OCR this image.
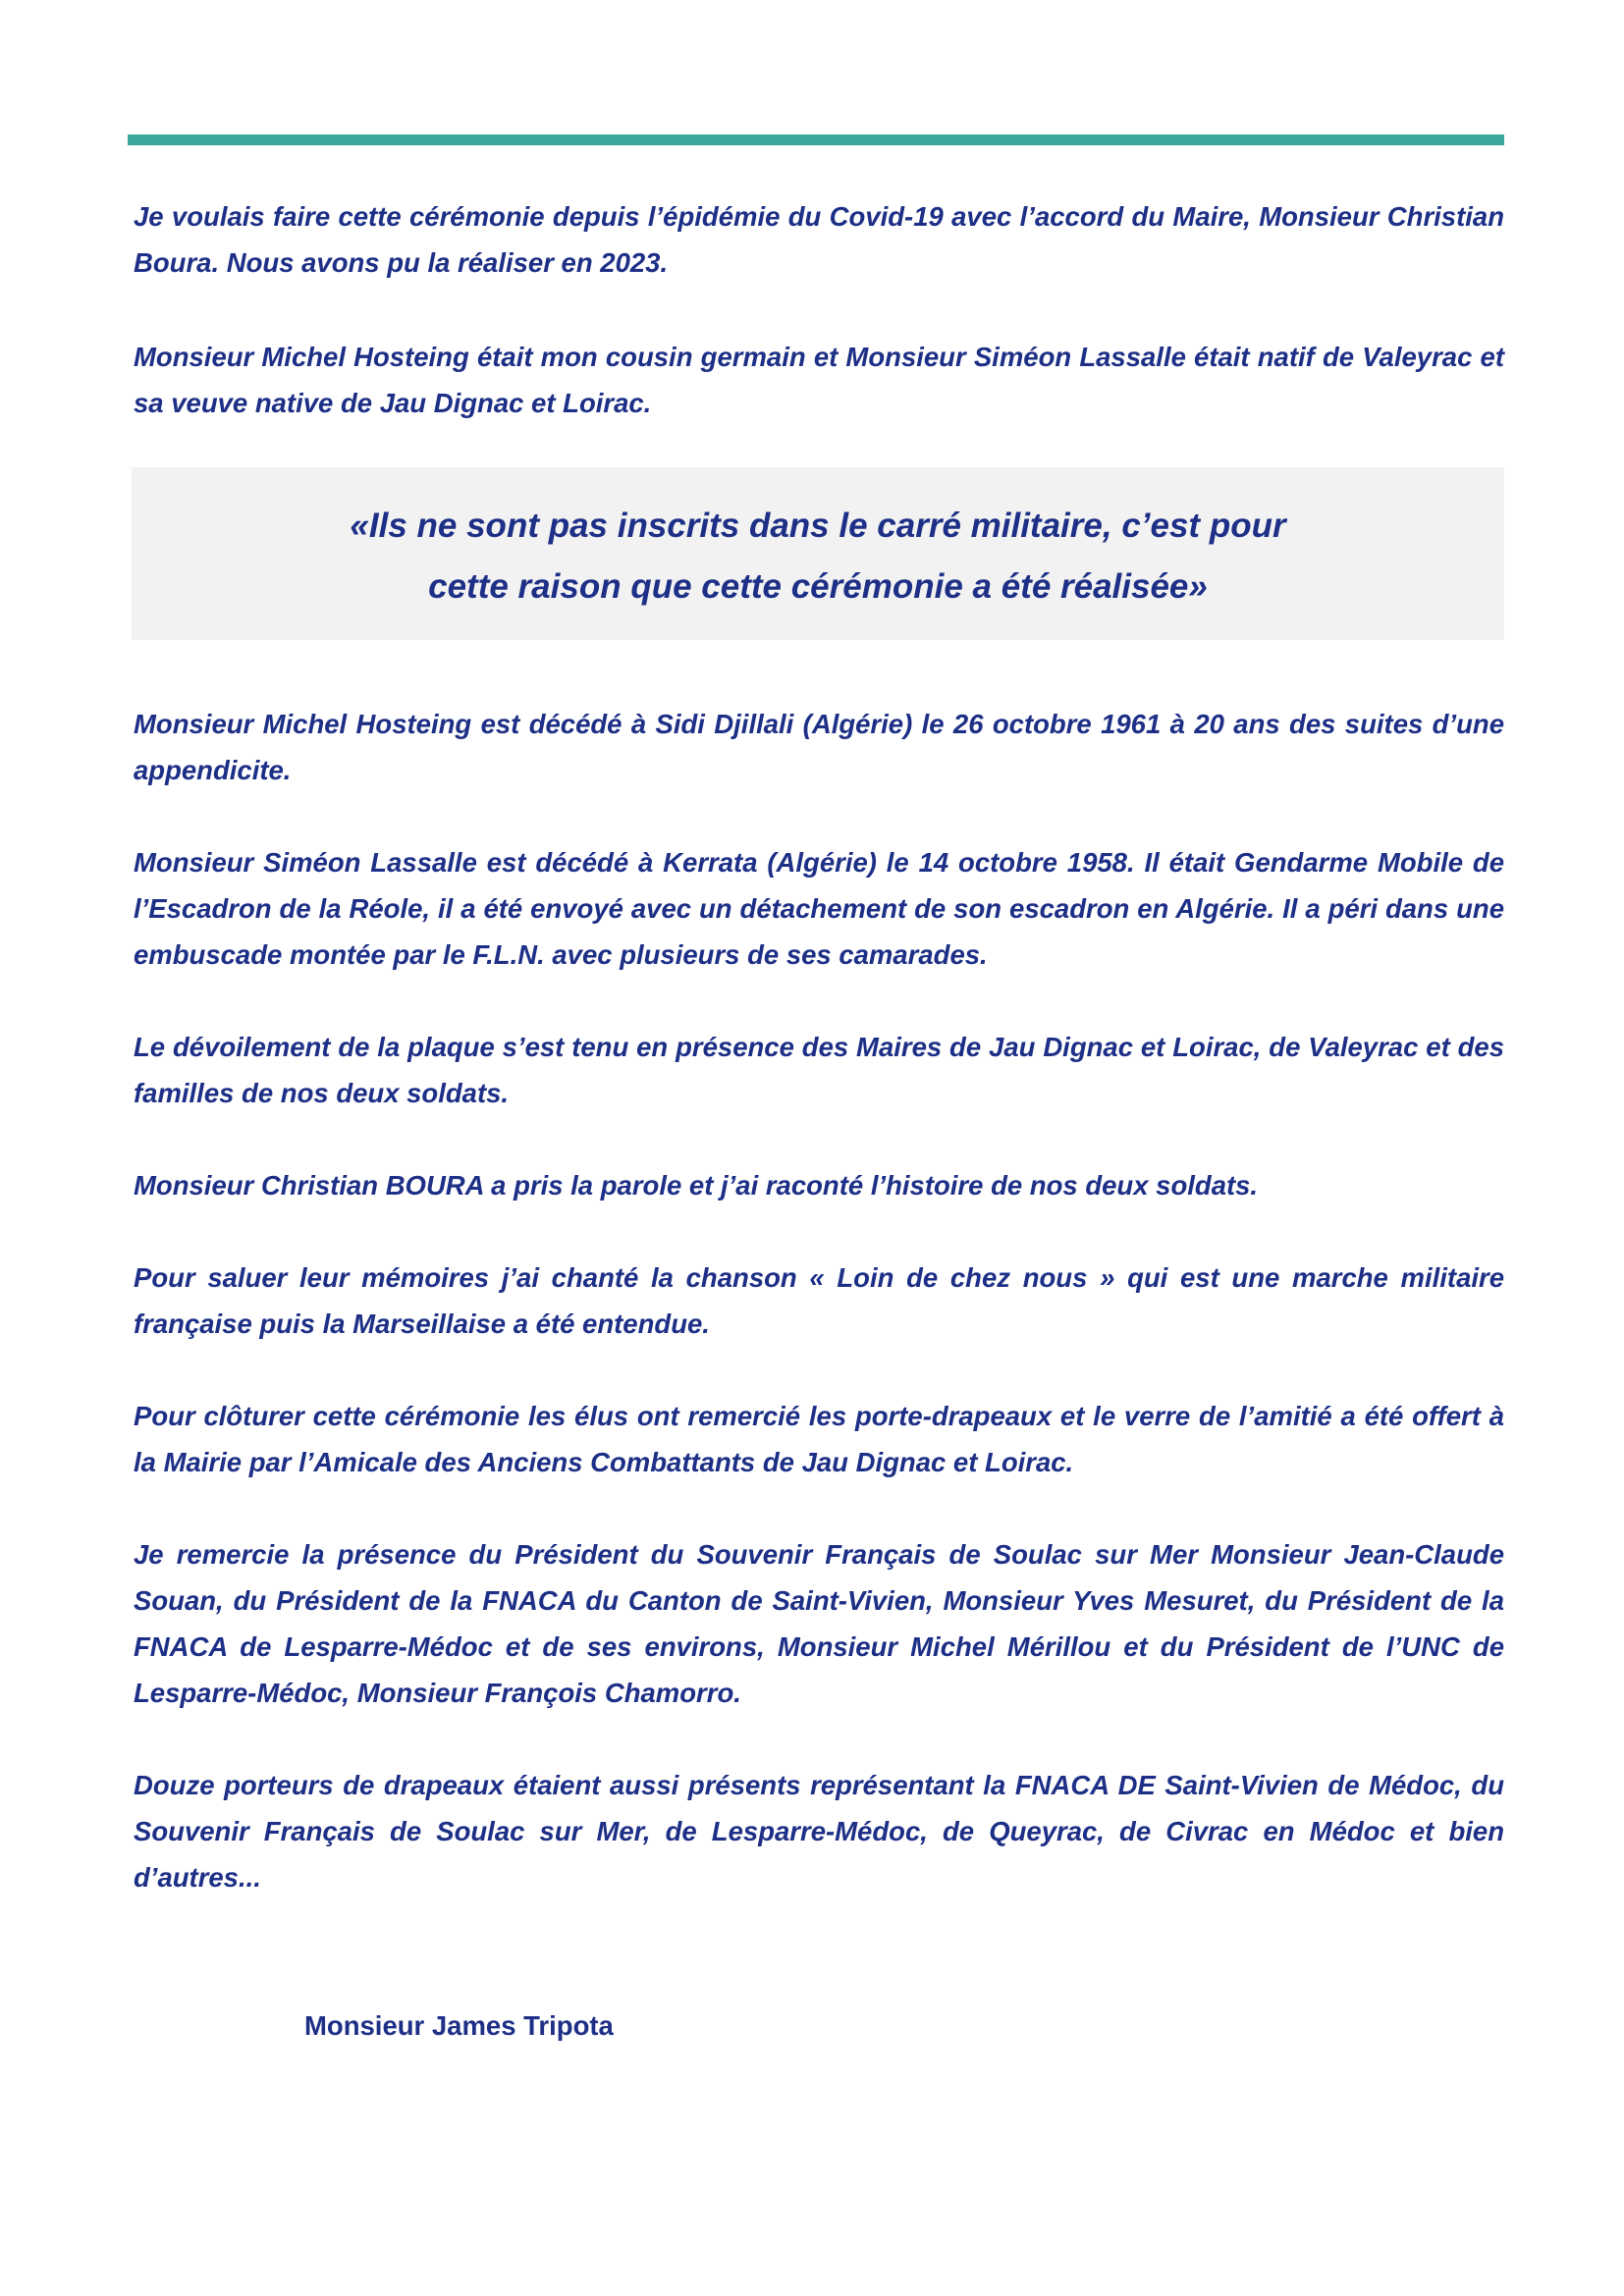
Je voulais faire cette cérémonie depuis l’épidémie du Covid-19 avec l’accord du Maire, Monsieur Christian Boura. Nous avons pu la réaliser en 2023.

Monsieur Michel Hosteing était mon cousin germain et Monsieur Siméon Lassalle était natif de Valeyrac et sa veuve native de Jau Dignac et Loirac.

«Ils ne sont pas inscrits dans le carré militaire, c’est pour

cette raison que cette cérémonie a été réalisée»

Monsieur Michel Hosteing est décédé à Sidi Djillali (Algérie) le 26 octobre 1961 à 20 ans des suites d’une appendicite.

Monsieur Siméon Lassalle est décédé à Kerrata (Algérie) le 14 octobre 1958. Il était Gendarme Mobile de l’Escadron de la Réole, il a été envoyé avec un détachement de son escadron en Algérie. Il a péri dans une embuscade montée par le F.L.N. avec plusieurs de ses camarades.

Le dévoilement de la plaque s’est tenu en présence des Maires de Jau Dignac et Loirac, de Valeyrac et des familles de nos deux soldats.

Monsieur Christian BOURA a pris la parole et j’ai raconté l’histoire de nos deux soldats.

Pour saluer leur mémoires j’ai chanté la chanson « Loin de chez nous » qui est une marche militaire française puis la Marseillaise a été entendue.

Pour clôturer cette cérémonie les élus ont remercié les porte-drapeaux et le verre de l’amitié a été offert à la Mairie par l’Amicale des Anciens Combattants de Jau Dignac et Loirac.

Je remercie la présence du Président du Souvenir Français de Soulac sur Mer Monsieur Jean-Claude Souan, du Président de la FNACA du Canton de Saint-Vivien, Monsieur Yves Mesuret, du Président de la FNACA de Lesparre-Médoc et de ses environs, Monsieur Michel Mérillou et du Président de l’UNC de Lesparre-Médoc, Monsieur François Chamorro.

Douze porteurs de drapeaux étaient aussi présents représentant la FNACA DE Saint-Vivien de Médoc, du Souvenir Français de Soulac sur Mer, de Lesparre-Médoc, de Queyrac, de Civrac en Médoc et bien d’autres...

Monsieur James Tripota
